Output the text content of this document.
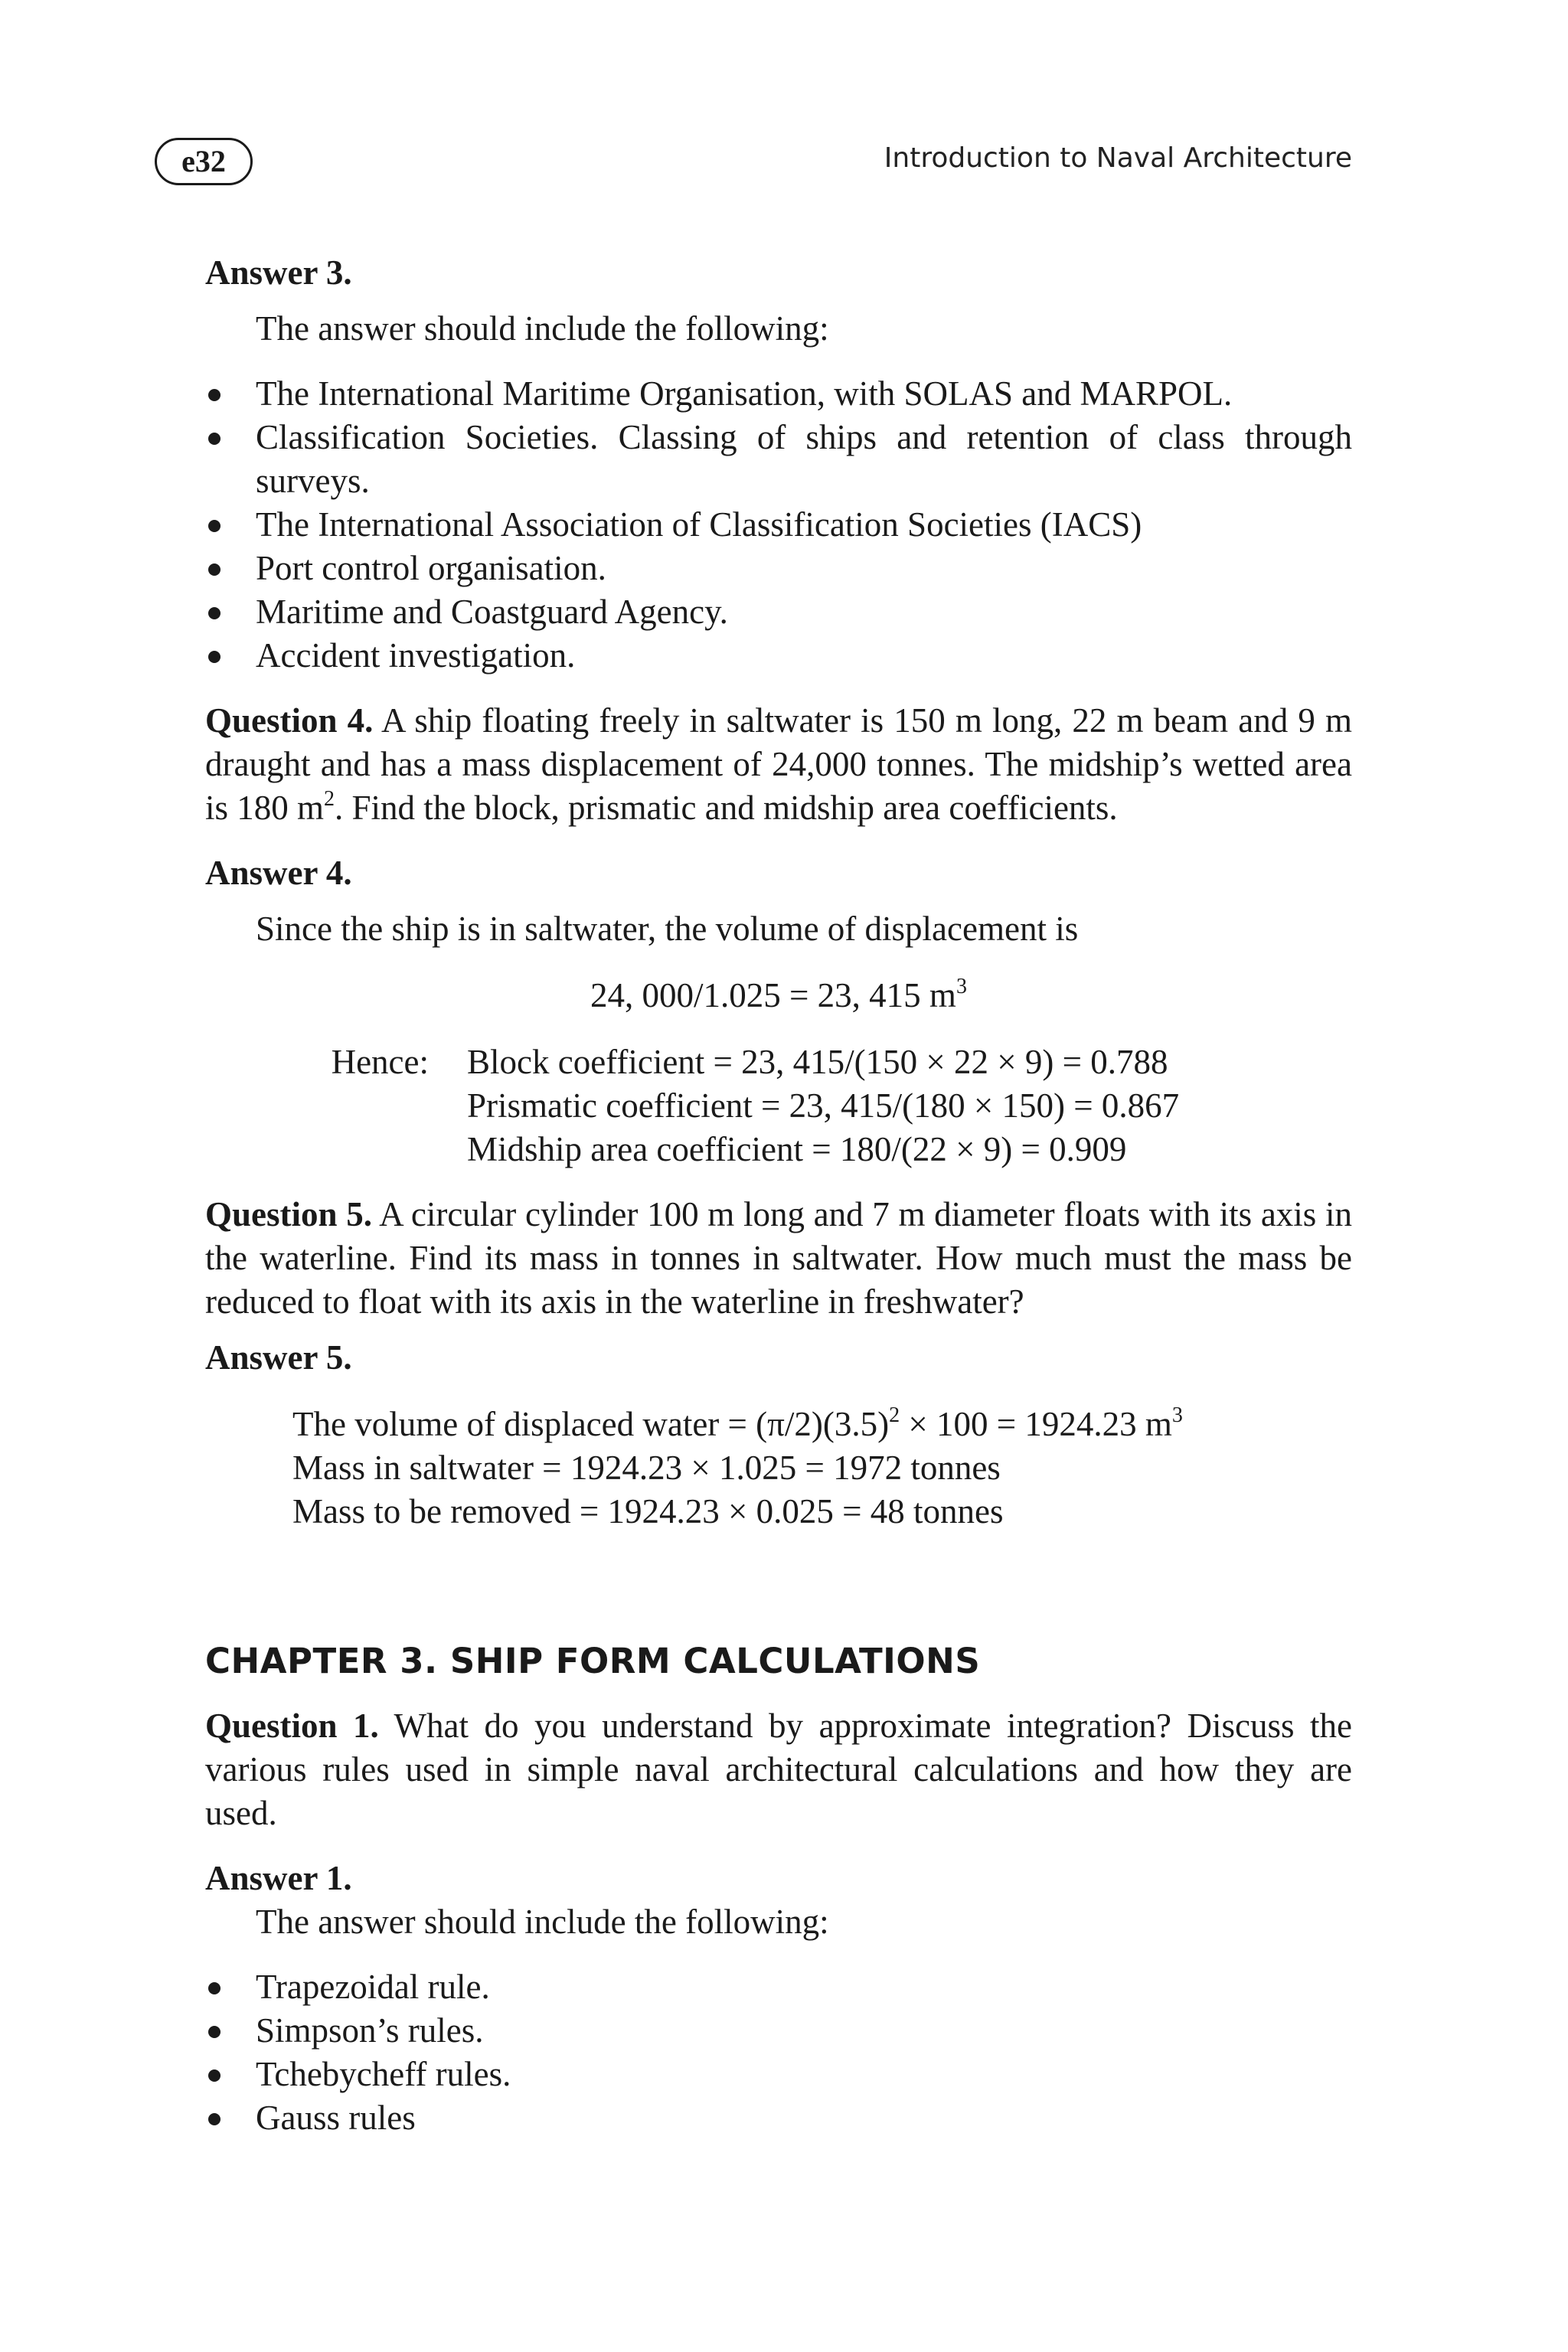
e32	Introduction to Naval Architecture

Answer 3.

The answer should include the following:

The International Maritime Organisation, with SOLAS and MARPOL.
Classification Societies. Classing of ships and retention of class through surveys.
The International Association of Classification Societies (IACS)
Port control organisation.
Maritime and Coastguard Agency.
Accident investigation.

Question 4. A ship floating freely in saltwater is 150 m long, 22 m beam and 9 m draught and has a mass displacement of 24,000 tonnes. The midship’s wetted area is 180 $m^2$. Find the block, prismatic and midship area coefficients.

Answer 4.

Since the ship is in saltwater, the volume of displacement is

24, 000/1.025 = 23, 415 $m^3$

Hence:	Block coefficient = 23, 415/(150 × 22 × 9) = 0.788
Prismatic coefficient = 23, 415/(180 × 150) = 0.867
Midship area coefficient = 180/(22 × 9) = 0.909

Question 5. A circular cylinder 100 m long and 7 m diameter floats with its axis in the waterline. Find its mass in tonnes in saltwater. How much must the mass be reduced to float with its axis in the waterline in freshwater?

Answer 5.

The volume of displaced water = $(\pi/2)(3.5)^2 \times 100 = 1924.23$ $m^3$
Mass in saltwater = 1924.23 × 1.025 = 1972 tonnes
Mass to be removed = 1924.23 × 0.025 = 48 tonnes
CHAPTER 3. SHIP FORM CALCULATIONS

Question 1. What do you understand by approximate integration? Discuss the various rules used in simple naval architectural calculations and how they are used.

Answer 1.

The answer should include the following:

Trapezoidal rule.
Simpson’s rules.
Tchebycheff rules.
Gauss rules
